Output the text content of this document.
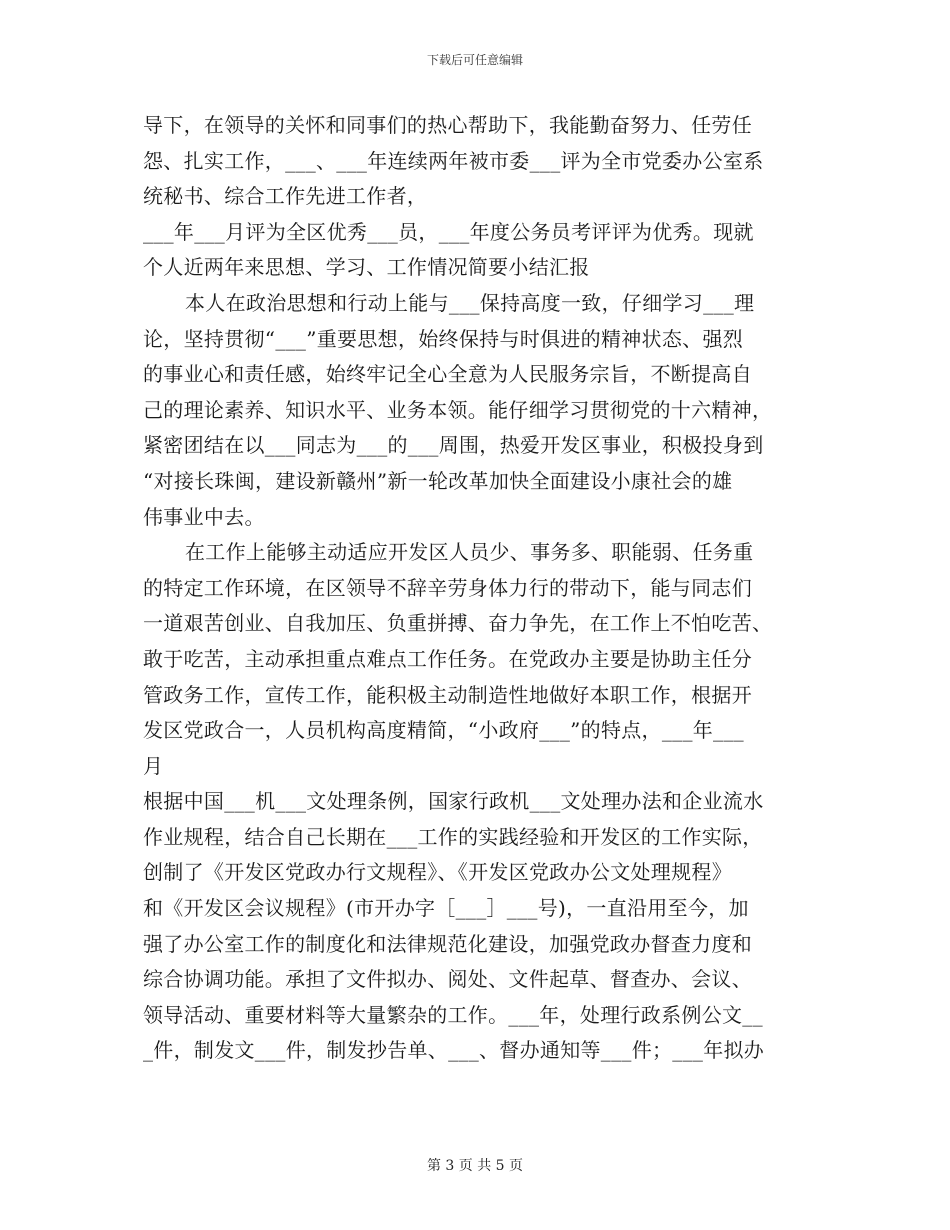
下载后可任意编辑
导下，在领导的关怀和同事们的热心帮助下，我能勤奋努力、任劳任
怨、扎实工作，___、___年连续两年被市委___评为全市党委办公室系
统秘书、综合工作先进工作者，
___年___月评为全区优秀___员，___年度公务员考评评为优秀。现就
个人近两年来思想、学习、工作情况简要小结汇报
本人在政治思想和行动上能与___保持高度一致，仔细学习___理
论，坚持贯彻“___”重要思想，始终保持与时俱进的精神状态、强烈
的事业心和责任感，始终牢记全心全意为人民服务宗旨，不断提高自
己的理论素养、知识水平、业务本领。能仔细学习贯彻党的十六精神，
紧密团结在以___同志为___的___周围，热爱开发区事业，积极投身到
“对接长珠闽，建设新赣州”新一轮改革加快全面建设小康社会的雄
伟事业中去。
在工作上能够主动适应开发区人员少、事务多、职能弱、任务重
的特定工作环境，在区领导不辞辛劳身体力行的带动下，能与同志们
一道艰苦创业、自我加压、负重拼搏、奋力争先，在工作上不怕吃苦、
敢于吃苦，主动承担重点难点工作任务。在党政办主要是协助主任分
管政务工作，宣传工作，能积极主动制造性地做好本职工作，根据开
发区党政合一，人员机构高度精简，“小政府___”的特点，___年___
月
根据中国___机___文处理条例，国家行政机___文处理办法和企业流水
作业规程，结合自己长期在___工作的实践经验和开发区的工作实际，
创制了《开发区党政办行文规程》、《开发区党政办公文处理规程》
和《开发区会议规程》(市开办字［___］___号)，一直沿用至今，加
强了办公室工作的制度化和法律规范化建设，加强党政办督查力度和
综合协调功能。承担了文件拟办、阅处、文件起草、督查办、会议、
领导活动、重要材料等大量繁杂的工作。___年，处理行政系例公文__
_件，制发文___件，制发抄告单、___、督办通知等___件；___年拟办
第 3 页 共 5 页
